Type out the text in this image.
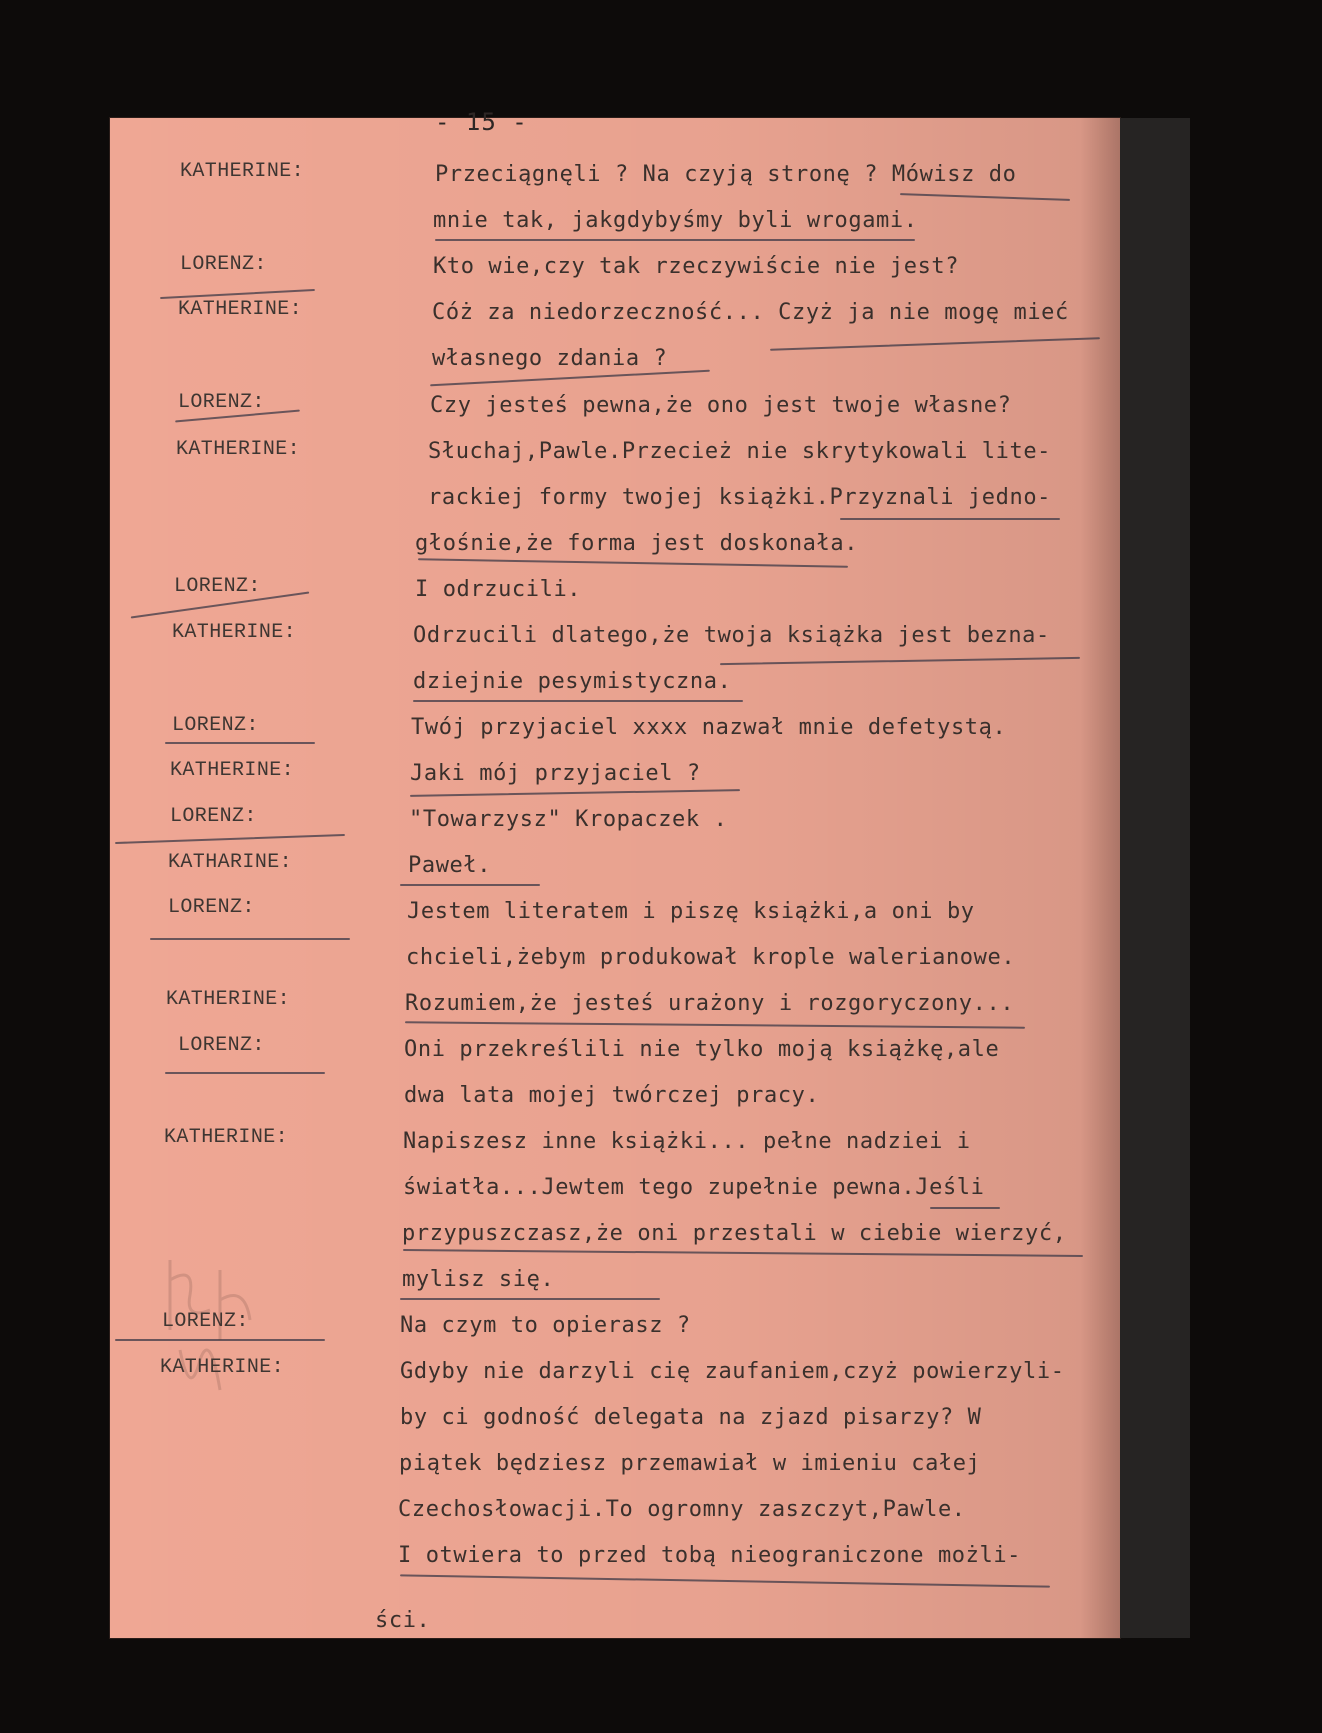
- 15 -
KATHERINE:
LORENZ:
KATHERINE:
LORENZ:
KATHERINE:
LORENZ:
KATHERINE:
LORENZ:
KATHERINE:
LORENZ:
KATHARINE:
LORENZ:
KATHERINE:
LORENZ:
KATHERINE:
LORENZ:
KATHERINE:
Przeciągnęli ? Na czyją stronę ? Mówisz do
mnie tak, jakgdybyśmy byli wrogami.
Kto wie,czy tak rzeczywiście nie jest?
Cóż za niedorzeczność... Czyż ja nie mogę mieć
własnego zdania ?
Czy jesteś pewna,że ono jest twoje własne?
Słuchaj,Pawle.Przecież nie skrytykowali lite-
rackiej formy twojej książki.Przyznali jedno-
głośnie,że forma jest doskonała.
I odrzucili.
Odrzucili dlatego,że twoja książka jest bezna-
dziejnie pesymistyczna.
Twój przyjaciel xxxx nazwał mnie defetystą.
Jaki mój przyjaciel ?
"Towarzysz" Kropaczek .
Paweł.
Jestem literatem i piszę książki,a oni by
chcieli,żebym produkował krople walerianowe.
Rozumiem,że jesteś urażony i rozgoryczony...
Oni przekreślili nie tylko moją książkę,ale
dwa lata mojej twórczej pracy.
Napiszesz inne książki... pełne nadziei i
światła...Jewtem tego zupełnie pewna.Jeśli
przypuszczasz,że oni przestali w ciebie wierzyć,
mylisz się.
Na czym to opierasz ?
Gdyby nie darzyli cię zaufaniem,czyż powierzyli-
by ci godność delegata na zjazd pisarzy? W
piątek będziesz przemawiał w imieniu całej
Czechosłowacji.To ogromny zaszczyt,Pawle.
I otwiera to przed tobą nieograniczone możli-
ści.
